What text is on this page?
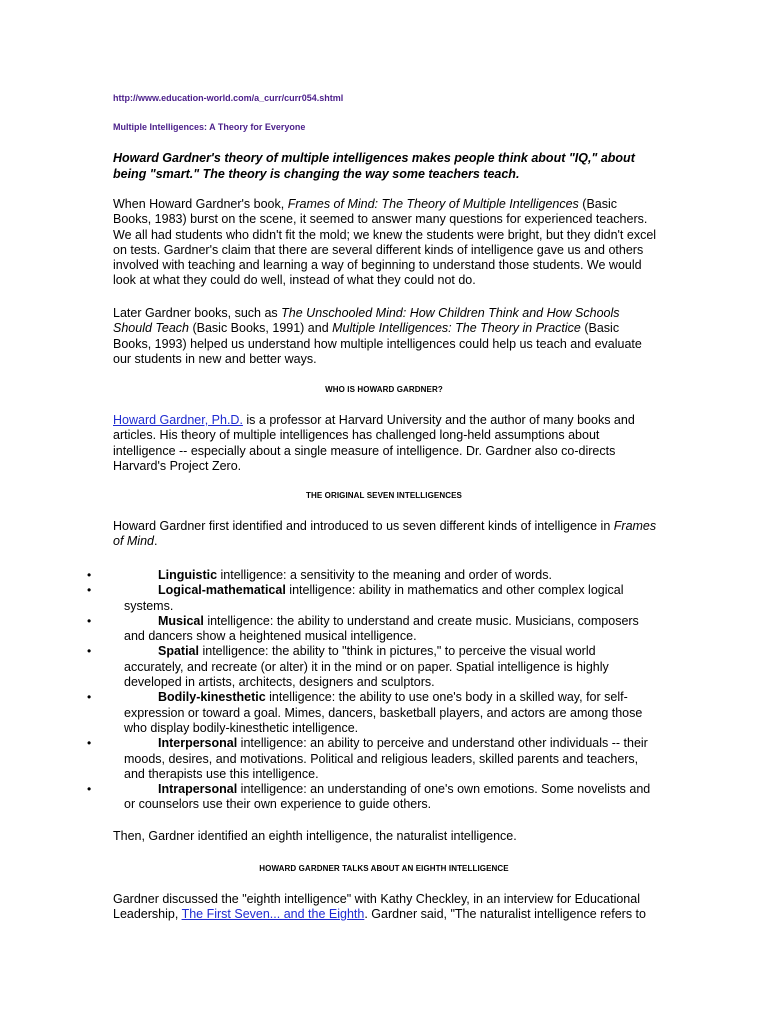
http://www.education-world.com/a_curr/curr054.shtml
Multiple Intelligences: A Theory for Everyone
Howard Gardner's theory of multiple intelligences makes people think about "IQ," about being "smart." The theory is changing the way some teachers teach.

When Howard Gardner's book, Frames of Mind: The Theory of Multiple Intelligences (Basic Books, 1983) burst on the scene, it seemed to answer many questions for experienced teachers. We all had students who didn't fit the mold; we knew the students were bright, but they didn't excel on tests. Gardner's claim that there are several different kinds of intelligence gave us and others involved with teaching and learning a way of beginning to understand those students. We would look at what they could do well, instead of what they could not do.

Later Gardner books, such as The Unschooled Mind: How Children Think and How Schools Should Teach (Basic Books, 1991) and Multiple Intelligences: The Theory in Practice (Basic Books, 1993) helped us understand how multiple intelligences could help us teach and evaluate our students in new and better ways.

WHO IS HOWARD GARDNER?

Howard Gardner, Ph.D. is a professor at Harvard University and the author of many books and articles. His theory of multiple intelligences has challenged long-held assumptions about intelligence -- especially about a single measure of intelligence. Dr. Gardner also co-directs Harvard's Project Zero.

THE ORIGINAL SEVEN INTELLIGENCES

Howard Gardner first identified and introduced to us seven different kinds of intelligence in Frames of Mind.

•	Linguistic intelligence: a sensitivity to the meaning and order of words.
•	Logical-mathematical intelligence: ability in mathematics and other complex logical systems.
•	Musical intelligence: the ability to understand and create music. Musicians, composers and dancers show a heightened musical intelligence.
•	Spatial intelligence: the ability to "think in pictures," to perceive the visual world accurately, and recreate (or alter) it in the mind or on paper. Spatial intelligence is highly developed in artists, architects, designers and sculptors.
•	Bodily-kinesthetic intelligence: the ability to use one's body in a skilled way, for self-expression or toward a goal. Mimes, dancers, basketball players, and actors are among those who display bodily-kinesthetic intelligence.
•	Interpersonal intelligence: an ability to perceive and understand other individuals -- their moods, desires, and motivations. Political and religious leaders, skilled parents and teachers, and therapists use this intelligence.
•	Intrapersonal intelligence: an understanding of one's own emotions. Some novelists and or counselors use their own experience to guide others.

Then, Gardner identified an eighth intelligence, the naturalist intelligence.

HOWARD GARDNER TALKS ABOUT AN EIGHTH INTELLIGENCE

Gardner discussed the "eighth intelligence" with Kathy Checkley, in an interview for Educational Leadership, The First Seven... and the Eighth. Gardner said, "The naturalist intelligence refers to
